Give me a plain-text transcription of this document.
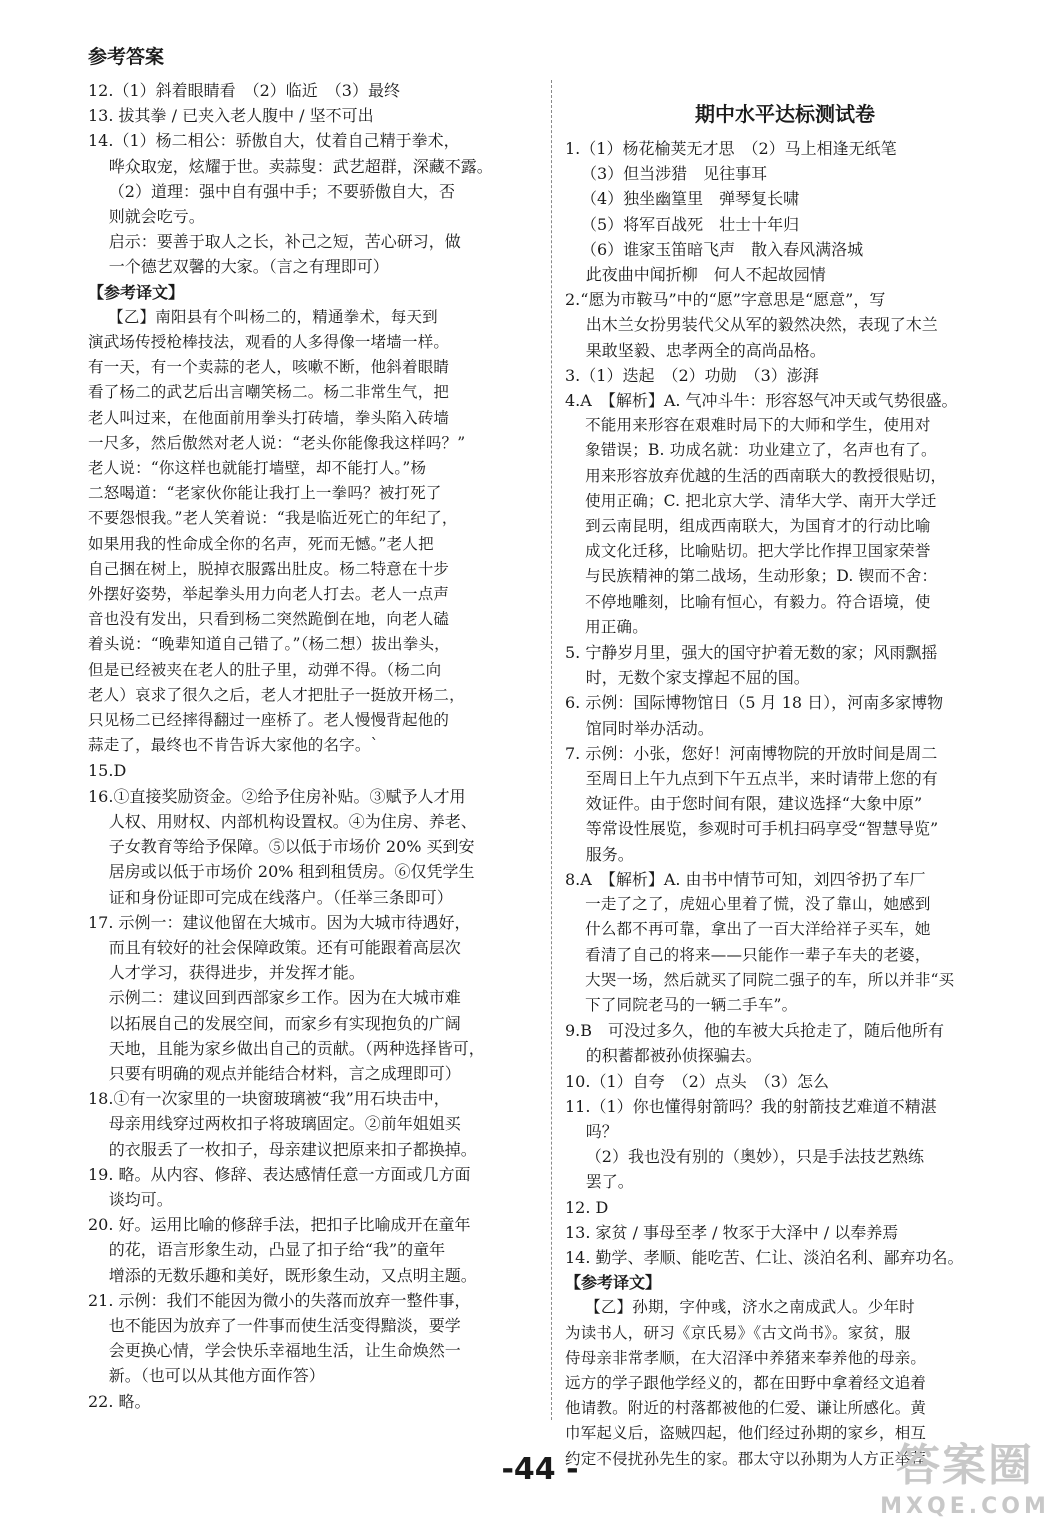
参考答案
12.（1）斜着眼睛看　（2）临近　（3）最终
13. 拔其拳 / 已夹入老人腹中 / 坚不可出
14.（1）杨二相公：骄傲自大，仗着自己精于拳术，
哗众取宠，炫耀于世。卖蒜叟：武艺超群，深藏不露。
（2）道理：强中自有强中手；不要骄傲自大，否
则就会吃亏。
启示：要善于取人之长，补己之短，苦心研习，做
一个德艺双馨的大家。（言之有理即可）
【参考译文】
【乙】南阳县有个叫杨二的，精通拳术，每天到
演武场传授枪棒技法，观看的人多得像一堵墙一样。
有一天，有一个卖蒜的老人，咳嗽不断，他斜着眼睛
看了杨二的武艺后出言嘲笑杨二。杨二非常生气，把
老人叫过来，在他面前用拳头打砖墙，拳头陷入砖墙
一尺多，然后傲然对老人说：“老头你能像我这样吗？”
老人说：“你这样也就能打墙壁，却不能打人。”杨
二怒喝道：“老家伙你能让我打上一拳吗？被打死了
不要怨恨我。”老人笑着说：“我是临近死亡的年纪了，
如果用我的性命成全你的名声，死而无憾。”老人把
自己捆在树上，脱掉衣服露出肚皮。杨二特意在十步
外摆好姿势，举起拳头用力向老人打去。老人一点声
音也没有发出，只看到杨二突然跪倒在地，向老人磕
着头说：“晚辈知道自己错了。”（杨二想）拔出拳头，
但是已经被夹在老人的肚子里，动弹不得。（杨二向
老人）哀求了很久之后，老人才把肚子一挺放开杨二，
只见杨二已经摔得翻过一座桥了。老人慢慢背起他的
蒜走了，最终也不肯告诉大家他的名字。`
15.D
16.①直接奖励资金。②给予住房补贴。③赋予人才用
人权、用财权、内部机构设置权。④为住房、养老、
子女教育等给予保障。⑤以低于市场价 20% 买到安
居房或以低于市场价 20% 租到租赁房。⑥仅凭学生
证和身份证即可完成在线落户。（任举三条即可）
17. 示例一：建议他留在大城市。因为大城市待遇好，
而且有较好的社会保障政策。还有可能跟着高层次
人才学习，获得进步，并发挥才能。
示例二：建议回到西部家乡工作。因为在大城市难
以拓展自己的发展空间，而家乡有实现抱负的广阔
天地，且能为家乡做出自己的贡献。（两种选择皆可，
只要有明确的观点并能结合材料，言之成理即可）
18.①有一次家里的一块窗玻璃被“我”用石块击中，
母亲用线穿过两枚扣子将玻璃固定。②前年姐姐买
的衣服丢了一枚扣子，母亲建议把原来扣子都换掉。
19. 略。从内容、修辞、表达感情任意一方面或几方面
谈均可。
20. 好。运用比喻的修辞手法，把扣子比喻成开在童年
的花，语言形象生动，凸显了扣子给“我”的童年
增添的无数乐趣和美好，既形象生动，又点明主题。
21. 示例：我们不能因为微小的失落而放弃一整件事，
也不能因为放弃了一件事而使生活变得黯淡，要学
会更换心情，学会快乐幸福地生活，让生命焕然一
新。（也可以从其他方面作答）
22. 略。
期中水平达标测试卷
1.（1）杨花榆荚无才思　（2）马上相逢无纸笔
（3）但当涉猎　见往事耳
（4）独坐幽篁里　弹琴复长啸
（5）将军百战死　壮士十年归
（6）谁家玉笛暗飞声　散入春风满洛城
此夜曲中闻折柳　何人不起故园情
2.“愿为市鞍马”中的“愿”字意思是“愿意”，写
出木兰女扮男装代父从军的毅然决然，表现了木兰
果敢坚毅、忠孝两全的高尚品格。
3.（1）迭起　（2）功勋　（3）澎湃
4.A　【解析】A. 气冲斗牛：形容怒气冲天或气势很盛。
不能用来形容在艰难时局下的大师和学生，使用对
象错误；B. 功成名就：功业建立了，名声也有了。
用来形容放弃优越的生活的西南联大的教授很贴切，
使用正确；C. 把北京大学、清华大学、南开大学迁
到云南昆明，组成西南联大，为国育才的行动比喻
成文化迁移，比喻贴切。把大学比作捍卫国家荣誉
与民族精神的第二战场，生动形象；D. 锲而不舍：
不停地雕刻，比喻有恒心，有毅力。符合语境，使
用正确。
5. 宁静岁月里，强大的国守护着无数的家；风雨飘摇
时，无数个家支撑起不屈的国。
6. 示例：国际博物馆日（5 月 18 日），河南多家博物
馆同时举办活动。
7. 示例：小张，您好！河南博物院的开放时间是周二
至周日上午九点到下午五点半，来时请带上您的有
效证件。由于您时间有限，建议选择“大象中原”
等常设性展览，参观时可手机扫码享受“智慧导览”
服务。
8.A　【解析】A. 由书中情节可知，刘四爷扔了车厂
一走了之了，虎妞心里着了慌，没了靠山，她感到
什么都不再可靠，拿出了一百大洋给祥子买车，她
看清了自己的将来——只能作一辈子车夫的老婆，
大哭一场，然后就买了同院二强子的车，所以并非“买
下了同院老马的一辆二手车”。
9.B　可没过多久，他的车被大兵抢走了，随后他所有
的积蓄都被孙侦探骗去。
10.（1）自夸　（2）点头　（3）怎么
11.（1）你也懂得射箭吗？我的射箭技艺难道不精湛
吗？
（2）我也没有别的（奥妙），只是手法技艺熟练
罢了。
12. D
13. 家贫 / 事母至孝 / 牧豕于大泽中 / 以奉养焉
14. 勤学、孝顺、能吃苦、仁让、淡泊名利、鄙弃功名。
【参考译文】
【乙】孙期，字仲彧，济水之南成武人。少年时
为读书人，研习《京氏易》《古文尚书》。家贫，服
侍母亲非常孝顺，在大沼泽中养猪来奉养他的母亲。
远方的学子跟他学经义的，都在田野中拿着经文追着
他请教。附近的村落都被他的仁爱、谦让所感化。黄
巾军起义后，盗贼四起，他们经过孙期的家乡，相互
约定不侵扰孙先生的家。郡太守以孙期为人方正举荐
-44 -	答案圈
MXQE.COM
